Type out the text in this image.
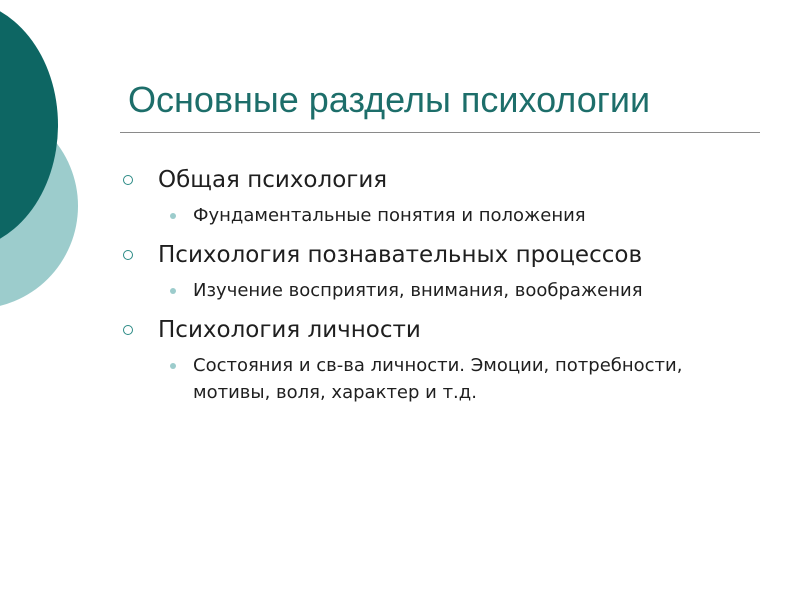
Основные разделы психологии
Общая психология
Фундаментальные понятия и положения
Психология познавательных процессов
Изучение восприятия, внимания, воображения
Психология личности
Состояния и св-ва личности. Эмоции, потребности, мотивы, воля, характер и т.д.
